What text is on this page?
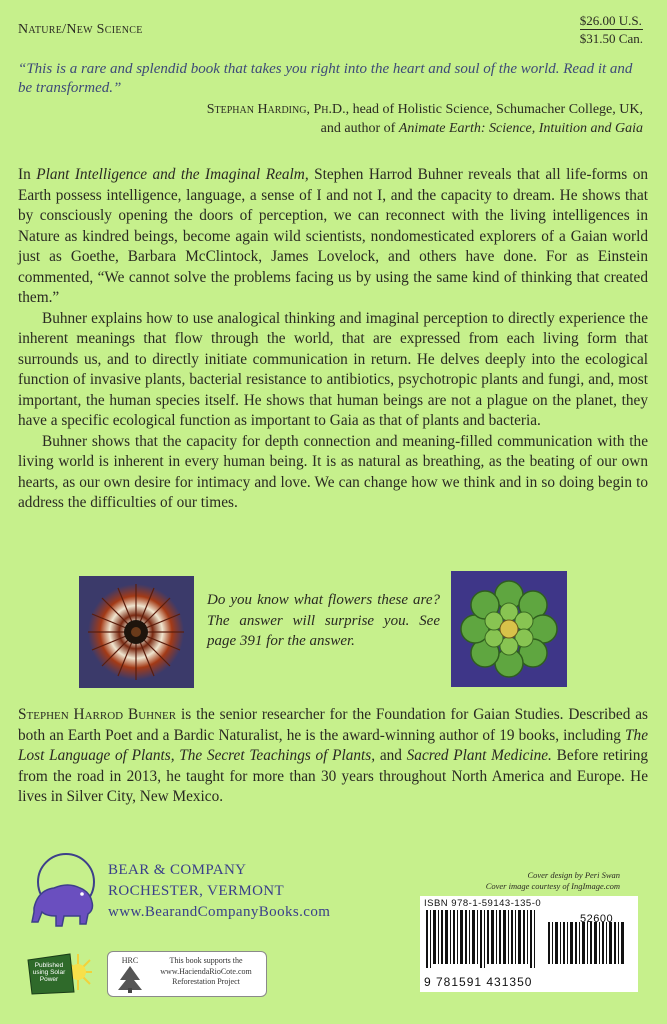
Nature/New Science
$26.00 U.S.
$31.50 Can.
“This is a rare and splendid book that takes you right into the heart and soul of the world. Read it and be transformed.”
Stephan Harding, Ph.D., head of Holistic Science, Schumacher College, UK,
and author of Animate Earth: Science, Intuition and Gaia

In Plant Intelligence and the Imaginal Realm, Stephen Harrod Buhner reveals that all life-forms on Earth possess intelligence, language, a sense of I and not I, and the capacity to dream. He shows that by consciously opening the doors of perception, we can reconnect with the living intelligences in Nature as kindred beings, become again wild scientists, nondomesticated explorers of a Gaian world just as Goethe, Barbara McClintock, James Lovelock, and others have done. For as Einstein commented, “We cannot solve the problems facing us by using the same kind of thinking that created them.”

Buhner explains how to use analogical thinking and imaginal perception to directly experience the inherent meanings that flow through the world, that are expressed from each living form that surrounds us, and to directly initiate communication in return. He delves deeply into the ecological function of invasive plants, bacterial resistance to antibiotics, psychotropic plants and fungi, and, most important, the human species itself. He shows that human beings are not a plague on the planet, they have a specific ecological function as important to Gaia as that of plants and bacteria.

Buhner shows that the capacity for depth connection and meaning-filled communication with the living world is inherent in every human being. It is as natural as breathing, as the beating of our own hearts, as our own desire for intimacy and love. We can change how we think and in so doing begin to address the difficulties of our times.

Do you know what flowers these are? The answer will surprise you. See page 391 for the answer.
Stephen Harrod Buhner is the senior researcher for the Foundation for Gaian Studies. Described as both an Earth Poet and a Bardic Naturalist, he is the award-winning author of 19 books, including The Lost Language of Plants, The Secret Teachings of Plants, and Sacred Plant Medicine. Before retiring from the road in 2013, he taught for more than 30 years throughout North America and Europe. He lives in Silver City, New Mexico.
BEAR & COMPANY
ROCHESTER, VERMONT
www.BearandCompanyBooks.com
Cover design by Peri Swan
Cover image courtesy of IngImage.com
ISBN 978-1-59143-135-0
52600
9 781591 431350
Published using Solar Power
HRC	This book supports the www.HaciendaRioCote.com Reforestation Project
